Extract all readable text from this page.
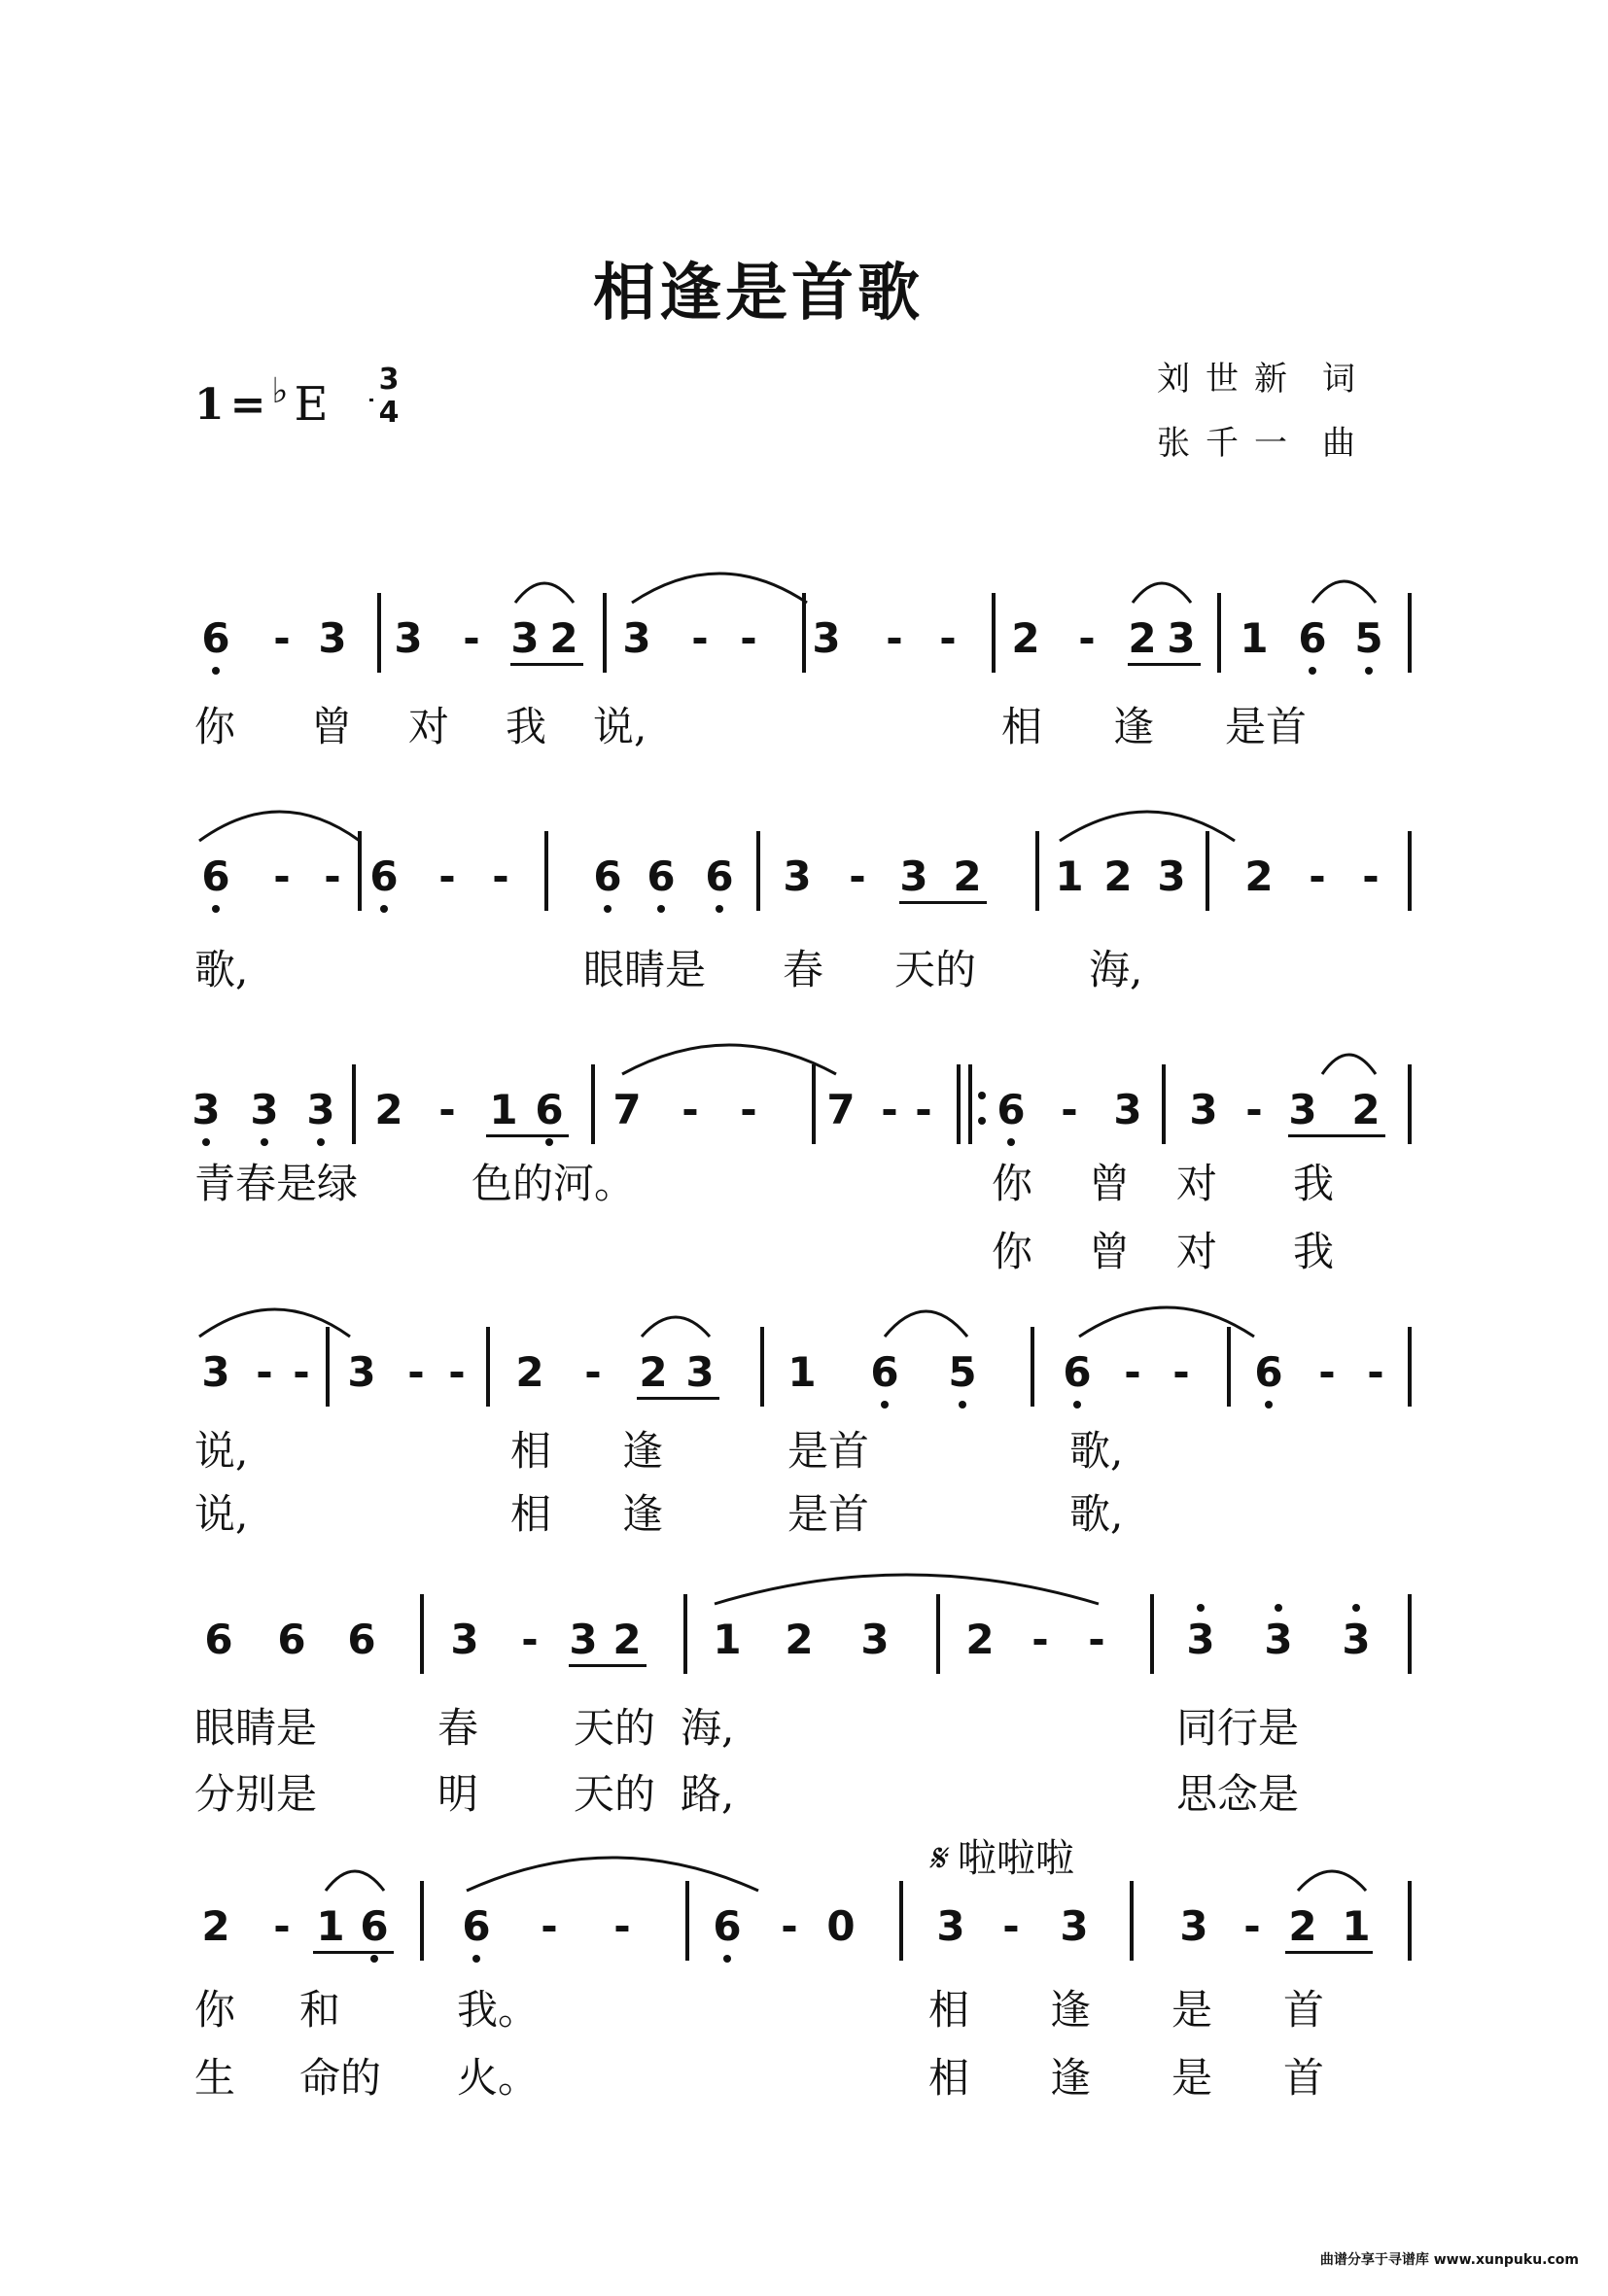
相逢是首歌
1 = ♭ E	3
4
刘世新 词
张千一 曲
6 - 3 3 - 3 2 3 - - 3 - - 2 - 2 3 1 6 5
你 曾 对 我 说,	相 逢 是首
6 - - 6 - - 6 6 6 3 - 3 2 1 2 3 2 - -
歌,	眼睛是 春 天的	海,
3 3 3 2 - 1 6 7 - - 7 - - 6 - 3 3 - 3 2
青春是绿	色的河。	你 曾 对 我
你 曾 对 我
3 - - 3 - - 2 - 2 3 1 6 5 6 - - 6 - -
说,	相 逢	是首	歌,
说,	相 逢	是首	歌,
6 6 6 3 - 3 2 1 2 3 2 - - 3 3 3
眼睛是	春 天的 海,	同行是
分别是	明 天的 路,	思念是
2 - 1 6 6 - - 6 - 0 3 - 3 3 - 2 1
你 和	我。	相 逢 是 首
生 命的 火。	相 逢 是 首
𝄋 啦啦啦
曲谱分享于寻谱库 www.xunpuku.com
